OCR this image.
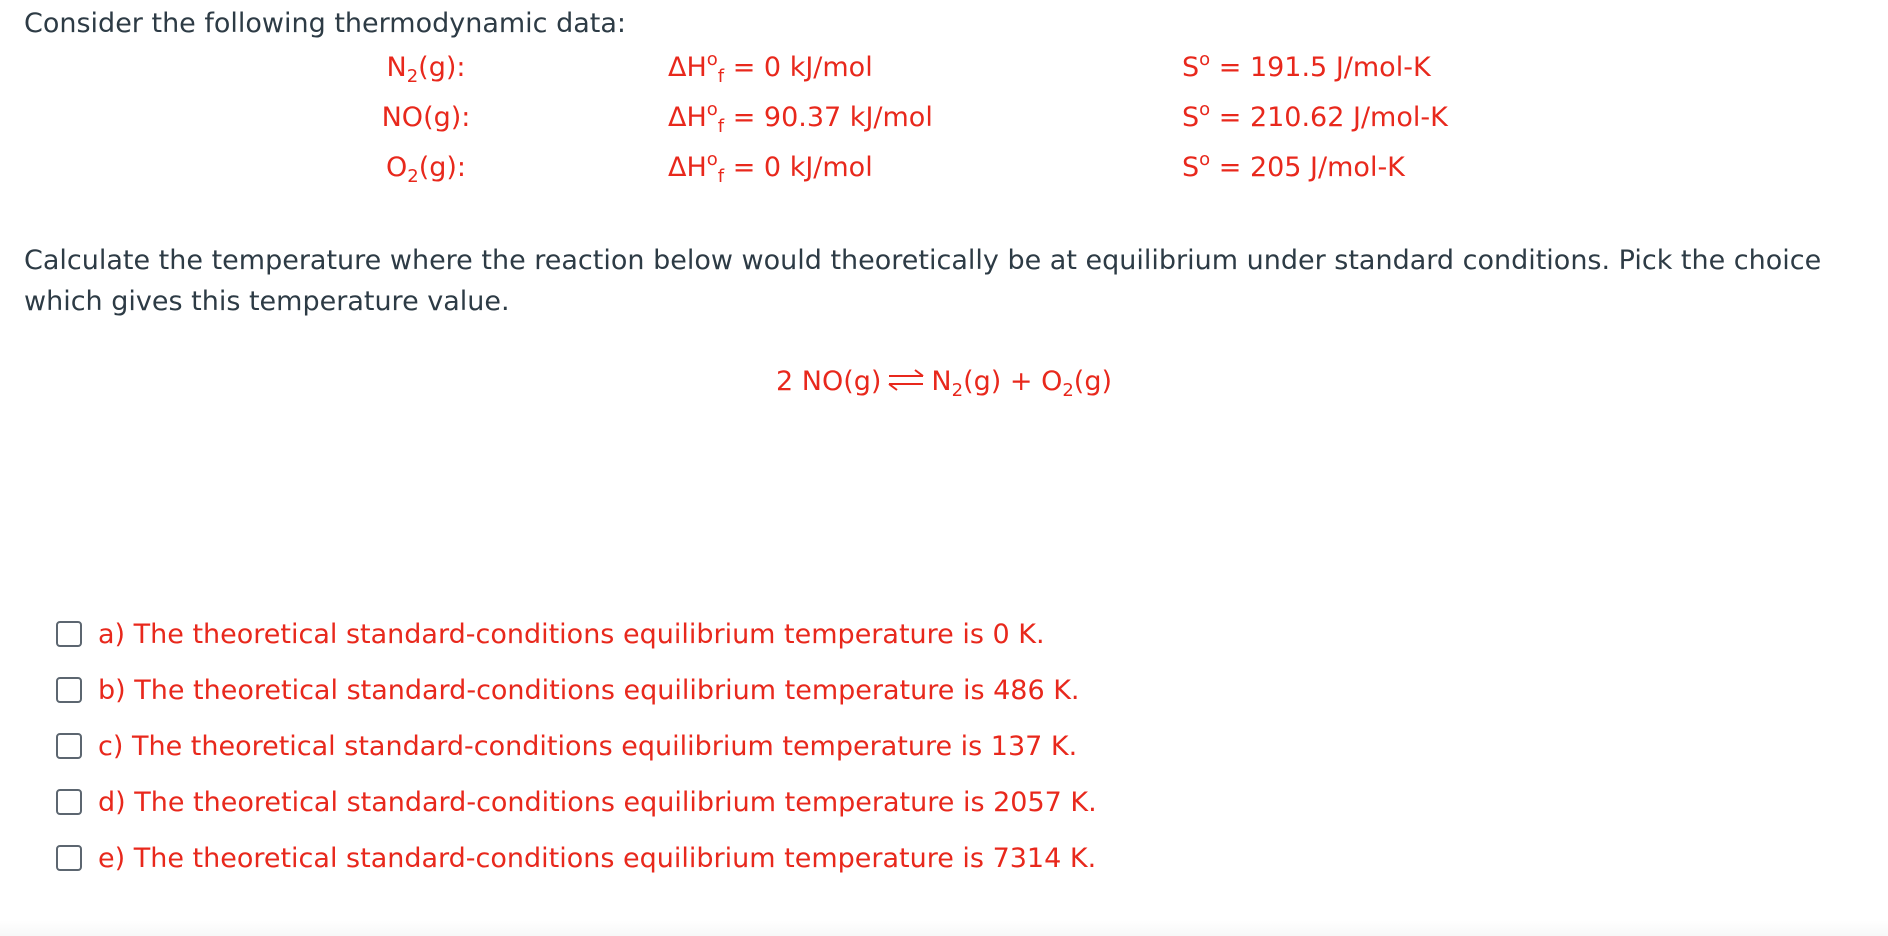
Consider the following thermodynamic data:

$N_2(g)$:	$\Delta H^o_f = 0$ kJ/mol	$S^o = 191.5$ J/mol-K
NO(g):	$\Delta H^o_f = 90.37$ kJ/mol	$S^o = 210.62$ J/mol-K
$O_2(g)$:	$\Delta H^o_f = 0$ kJ/mol	$S^o = 205$ J/mol-K

Calculate the temperature where the reaction below would theoretically be at equilibrium under standard conditions. Pick the choice which gives this temperature value.

2 NO(g) ⇌ $N_2(g) + O_2(g)$
a) The theoretical standard-conditions equilibrium temperature is 0 K.
b) The theoretical standard-conditions equilibrium temperature is 486 K.
c) The theoretical standard-conditions equilibrium temperature is 137 K.
d) The theoretical standard-conditions equilibrium temperature is 2057 K.
e) The theoretical standard-conditions equilibrium temperature is 7314 K.
